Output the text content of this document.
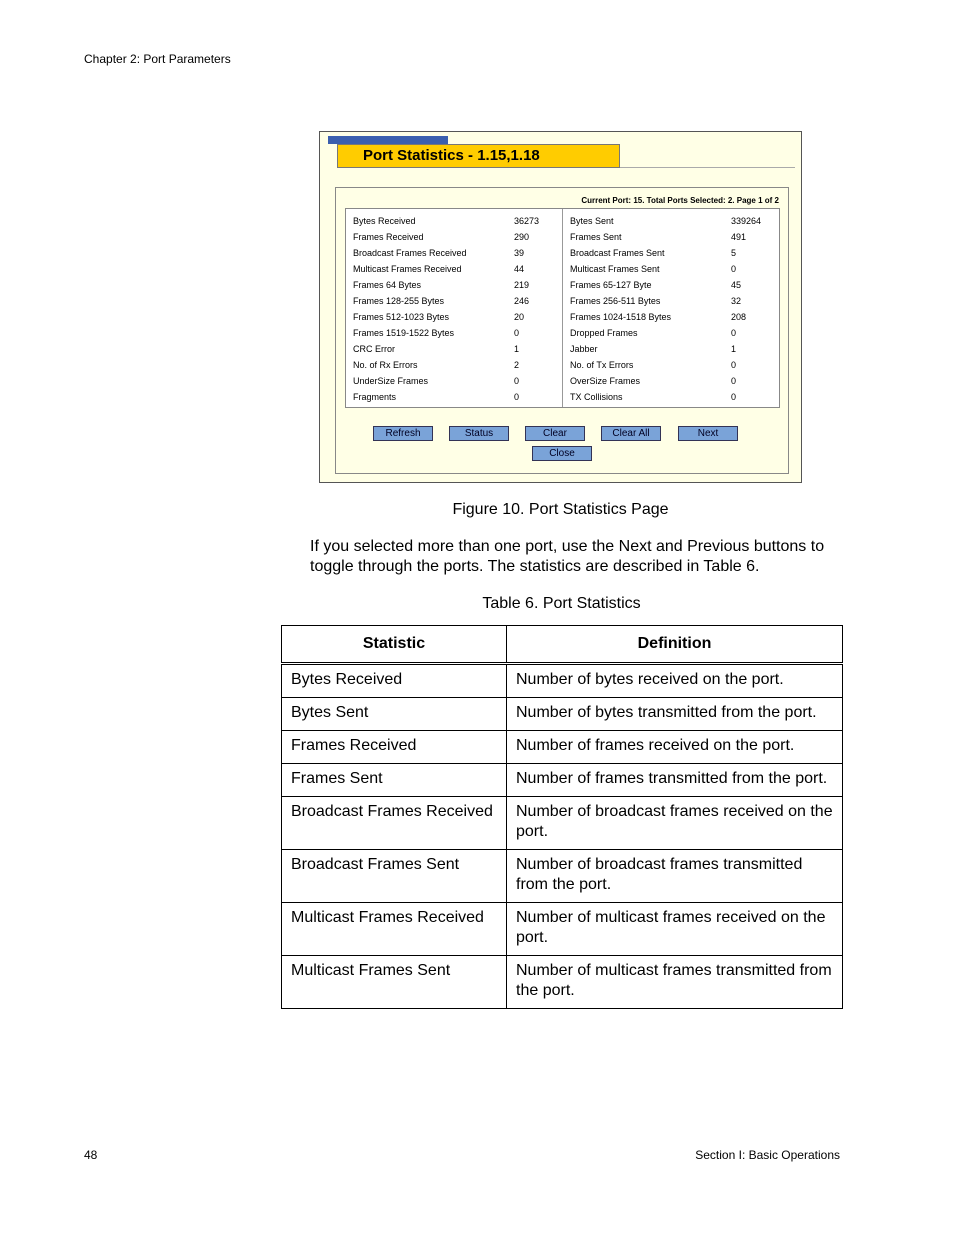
Chapter 2: Port Parameters
Port Statistics - 1.15,1.18
Current Port: 15. Total Ports Selected: 2. Page 1 of 2
Bytes Received	36273
Frames Received	290
Broadcast Frames Received	39
Multicast Frames Received	44
Frames 64 Bytes	219
Frames 128-255 Bytes	246
Frames 512-1023 Bytes	20
Frames 1519-1522 Bytes	0
CRC Error	1
No. of Rx Errors	2
UnderSize Frames	0
Fragments	0
Bytes Sent	339264
Frames Sent	491
Broadcast Frames Sent	5
Multicast Frames Sent	0
Frames 65-127 Byte	45
Frames 256-511 Bytes	32
Frames 1024-1518 Bytes	208
Dropped Frames	0
Jabber	1
No. of Tx Errors	0
OverSize Frames	0
TX Collisions	0
Refresh	Status	Clear	Clear All	Next
Close
Figure 10. Port Statistics Page
If you selected more than one port, use the Next and Previous buttons to toggle through the ports. The statistics are described in Table 6.
Table 6. Port Statistics
Statistic	Definition
Bytes Received	Number of bytes received on the port.
Bytes Sent	Number of bytes transmitted from the port.
Frames Received	Number of frames received on the port.
Frames Sent	Number of frames transmitted from the port.
Broadcast Frames Received	Number of broadcast frames received on the port.
Broadcast Frames Sent	Number of broadcast frames transmitted from the port.
Multicast Frames Received	Number of multicast frames received on the port.
Multicast Frames Sent	Number of multicast frames transmitted from the port.
48	Section I: Basic Operations
